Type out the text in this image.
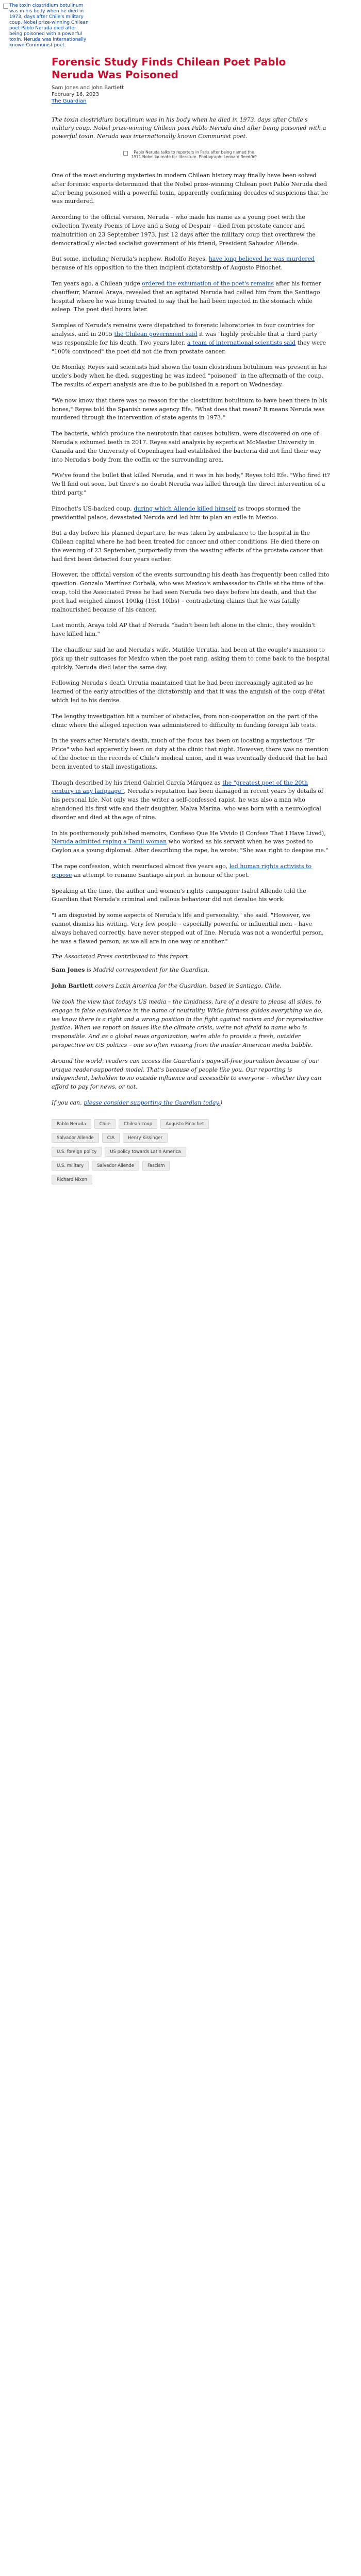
The toxin clostridium botulinum was in his body when he died in 1973, days after Chile's military coup. Nobel prize-winning Chilean poet Pablo Neruda died after being poisoned with a powerful toxin. Neruda was internationally known Communist poet.
Forensic Study Finds Chilean Poet Pablo Neruda Was Poisoned
Sam Jones and John Bartlett
February 16, 2023
The Guardian

The toxin clostridium botulinum was in his body when he died in 1973, days after Chile's military coup. Nobel prize-winning Chilean poet Pablo Neruda died after being poisoned with a powerful toxin. Neruda was internationally known Communist poet.

Pablo Neruda talks to reporters in Paris after being named the 1971 Nobel laureate for literature. Photograph: Leonard Reed/AP

One of the most enduring mysteries in modern Chilean history may finally have been solved after forensic experts determined that the Nobel prize-winning Chilean poet Pablo Neruda died after being poisoned with a powerful toxin, apparently confirming decades of suspicions that he was murdered.

According to the official version, Neruda – who made his name as a young poet with the collection Twenty Poems of Love and a Song of Despair – died from prostate cancer and malnutrition on 23 September 1973, just 12 days after the military coup that overthrew the democratically elected socialist government of his friend, President Salvador Allende.

But some, including Neruda's nephew, Rodolfo Reyes, have long believed he was murdered because of his opposition to the then incipient dictatorship of Augusto Pinochet.

Ten years ago, a Chilean judge ordered the exhumation of the poet's remains after his former chauffeur, Manuel Araya, revealed that an agitated Neruda had called him from the Santiago hospital where he was being treated to say that he had been injected in the stomach while asleep. The poet died hours later.

Samples of Neruda's remains were dispatched to forensic laboratories in four countries for analysis, and in 2015 the Chilean government said it was "highly probable that a third party" was responsible for his death. Two years later, a team of international scientists said they were "100% convinced" the poet did not die from prostate cancer.

On Monday, Reyes said scientists had shown the toxin clostridium botulinum was present in his uncle's body when he died, suggesting he was indeed "poisoned" in the aftermath of the coup. The results of expert analysis are due to be published in a report on Wednesday.

"We now know that there was no reason for the clostridium botulinum to have been there in his bones," Reyes told the Spanish news agency Efe. "What does that mean? It means Neruda was murdered through the intervention of state agents in 1973."

The bacteria, which produce the neurotoxin that causes botulism, were discovered on one of Neruda's exhumed teeth in 2017. Reyes said analysis by experts at McMaster University in Canada and the University of Copenhagen had established the bacteria did not find their way into Neruda's body from the coffin or the surrounding area.

"We've found the bullet that killed Neruda, and it was in his body," Reyes told Efe. "Who fired it? We'll find out soon, but there's no doubt Neruda was killed through the direct intervention of a third party."

Pinochet's US-backed coup, during which Allende killed himself as troops stormed the presidential palace, devastated Neruda and led him to plan an exile in Mexico.

But a day before his planned departure, he was taken by ambulance to the hospital in the Chilean capital where he had been treated for cancer and other conditions. He died there on the evening of 23 September, purportedly from the wasting effects of the prostate cancer that had first been detected four years earlier.

However, the official version of the events surrounding his death has frequently been called into question. Gonzalo Martínez Corbalá, who was Mexico's ambassador to Chile at the time of the coup, told the Associated Press he had seen Neruda two days before his death, and that the poet had weighed almost 100kg (15st 10lbs) – contradicting claims that he was fatally malnourished because of his cancer.

Last month, Araya told AP that if Neruda "hadn't been left alone in the clinic, they wouldn't have killed him."

The chauffeur said he and Neruda's wife, Matilde Urrutia, had been at the couple's mansion to pick up their suitcases for Mexico when the poet rang, asking them to come back to the hospital quickly. Neruda died later the same day.

Following Neruda's death Urrutia maintained that he had been increasingly agitated as he learned of the early atrocities of the dictatorship and that it was the anguish of the coup d'état which led to his demise.

The lengthy investigation hit a number of obstacles, from non-cooperation on the part of the clinic where the alleged injection was administered to difficulty in funding foreign lab tests.

In the years after Neruda's death, much of the focus has been on locating a mysterious "Dr Price" who had apparently been on duty at the clinic that night. However, there was no mention of the doctor in the records of Chile's medical union, and it was eventually deduced that he had been invented to stall investigations.

Though described by his friend Gabriel García Márquez as the "greatest poet of the 20th century in any language", Neruda's reputation has been damaged in recent years by details of his personal life. Not only was the writer a self-confessed rapist, he was also a man who abandoned his first wife and their daughter, Malva Marina, who was born with a neurological disorder and died at the age of nine.

In his posthumously published memoirs, Confieso Que He Vivido (I Confess That I Have Lived), Neruda admitted raping a Tamil woman who worked as his servant when he was posted to Ceylon as a young diplomat. After describing the rape, he wrote: "She was right to despise me."

The rape confession, which resurfaced almost five years ago, led human rights activists to oppose an attempt to rename Santiago airport in honour of the poet.

Speaking at the time, the author and women's rights campaigner Isabel Allende told the Guardian that Neruda's criminal and callous behaviour did not devalue his work.

"I am disgusted by some aspects of Neruda's life and personality," she said. "However, we cannot dismiss his writing. Very few people – especially powerful or influential men – have always behaved correctly, have never stepped out of line. Neruda was not a wonderful person, he was a flawed person, as we all are in one way or another."

The Associated Press contributed to this report

Sam Jones is Madrid correspondent for the Guardian.

John Bartlett covers Latin America for the Guardian, based in Santiago, Chile.

We took the view that today's US media – the timidness, lure of a desire to please all sides, to engage in false equivalence in the name of neutrality. While fairness guides everything we do, we know there is a right and a wrong position in the fight against racism and for reproductive justice. When we report on issues like the climate crisis, we're not afraid to name who is responsible. And as a global news organization, we're able to provide a fresh, outsider perspective on US politics – one so often missing from the insular American media bubble.

Around the world, readers can access the Guardian's paywall-free journalism because of our unique reader-supported model. That's because of people like you. Our reporting is independent, beholden to no outside influence and accessible to everyone – whether they can afford to pay for news, or not.

If you can, please consider supporting the Guardian today.)

Pablo Neruda	Chile	Chilean coup	Augusto Pinochet
Salvador Allende	CIA	Henry Kissinger
U.S. foreign policy	US policy towards Latin America
U.S. military	Salvador Allende	Fascism
Richard Nixon
